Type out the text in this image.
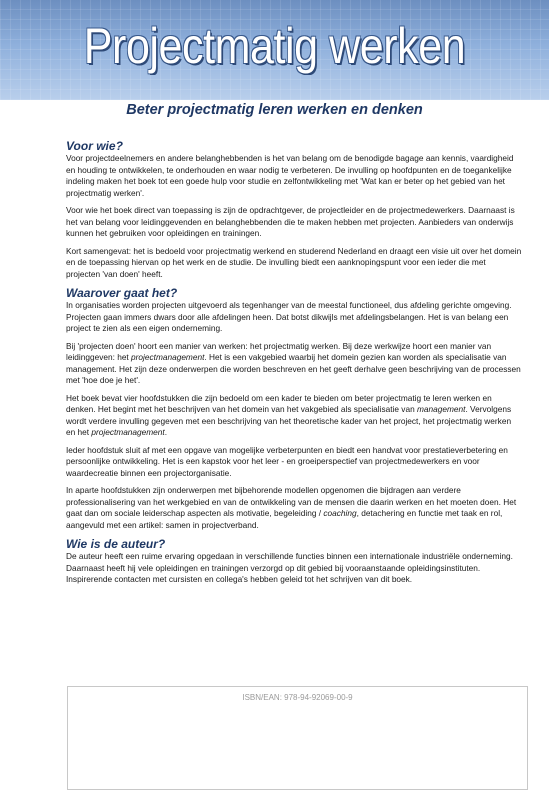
Projectmatig werken
Beter projectmatig leren werken en denken
Voor wie?

Voor projectdeelnemers en andere belanghebbenden is het van belang om de benodigde bagage aan kennis, vaardigheid en houding te ontwikkelen, te onderhouden en waar nodig te verbeteren. De invulling op hoofdpunten en de toegankelijke indeling maken het boek tot een goede hulp voor studie en zelfontwikkeling met 'Wat kan er beter op het gebied van het projectmatig werken'.

Voor wie het boek direct van toepassing is zijn de opdrachtgever, de projectleider en de projectmedewerkers. Daarnaast is het van belang voor leidinggevenden en belanghebbenden die te maken hebben met projecten. Aanbieders van onderwijs kunnen het gebruiken voor opleidingen en trainingen.

Kort samengevat: het is bedoeld voor projectmatig werkend en studerend Nederland en draagt een visie uit over het domein en de toepassing hiervan op het werk en de studie. De invulling biedt een aanknopingspunt voor een ieder die met projecten 'van doen' heeft.

Waarover gaat het?

In organisaties worden projecten uitgevoerd als tegenhanger van de meestal functioneel, dus afdeling gerichte omgeving. Projecten gaan immers dwars door alle afdelingen heen. Dat botst dikwijls met afdelingsbelangen. Het is van belang een project te zien als een eigen onderneming.

Bij 'projecten doen' hoort een manier van werken: het projectmatig werken. Bij deze werkwijze hoort een manier van leidinggeven: het projectmanagement. Het is een vakgebied waarbij het domein gezien kan worden als specialisatie van management. Het zijn deze onderwerpen die worden beschreven en het geeft derhalve geen beschrijving van de processen met 'hoe doe je het'.

Het boek bevat vier hoofdstukken die zijn bedoeld om een kader te bieden om beter projectmatig te leren werken en denken. Het begint met het beschrijven van het domein van het vakgebied als specialisatie van management. Vervolgens wordt verdere invulling gegeven met een beschrijving van het theoretische kader van het project, het projectmatig werken en het projectmanagement.

Ieder hoofdstuk sluit af met een opgave van mogelijke verbeterpunten en biedt een handvat voor prestatieverbetering en persoonlijke ontwikkeling. Het is een kapstok voor het leer - en groeiperspectief van projectmedewerkers en voor waardecreatie binnen een projectorganisatie.

In aparte hoofdstukken zijn onderwerpen met bijbehorende modellen opgenomen die bijdragen aan verdere professionalisering van het werkgebied en van de ontwikkeling van de mensen die daarin werken en het moeten doen. Het gaat dan om sociale leiderschap aspecten als motivatie, begeleiding / coaching, detachering en functie met taak en rol, aangevuld met een artikel: samen in projectverband.

Wie is de auteur?

De auteur heeft een ruime ervaring opgedaan in verschillende functies binnen een internationale industriële onderneming. Daarnaast heeft hij vele opleidingen en trainingen verzorgd op dit gebied bij vooraanstaande opleidingsinstituten. Inspirerende contacten met cursisten en collega's hebben geleid tot het schrijven van dit boek.

ISBN/EAN: 978-94-92069-00-9
